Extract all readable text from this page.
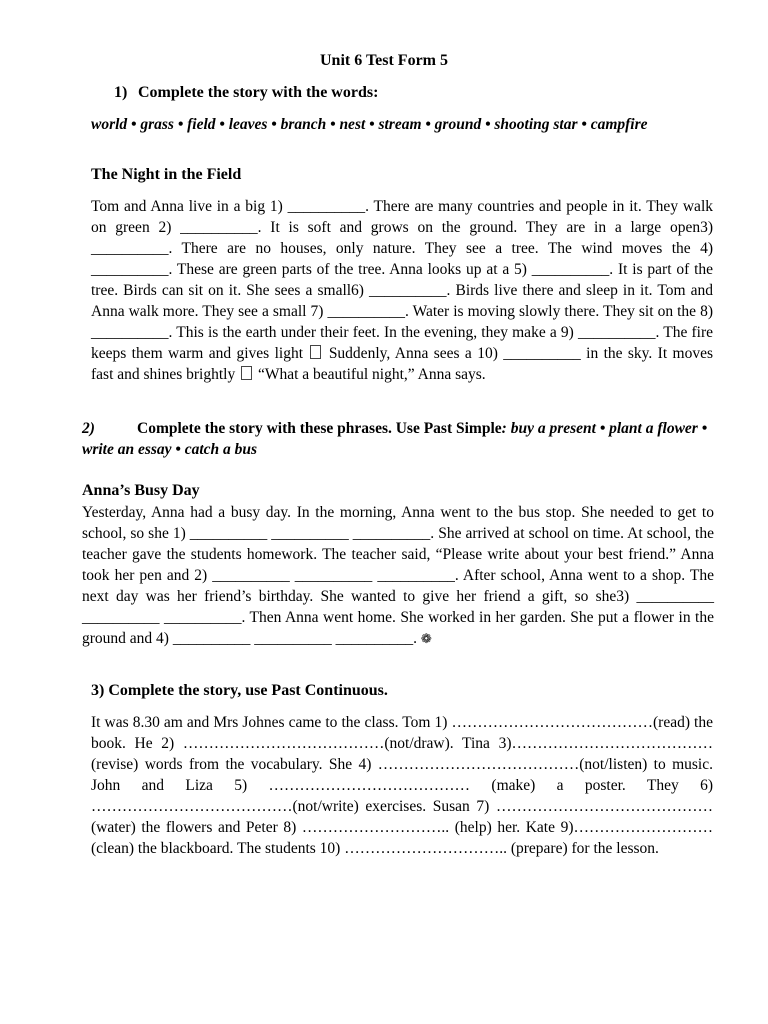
Unit 6 Test Form 5
1) Complete the story with the words:
world • grass • field • leaves • branch • nest • stream • ground • shooting star • campfire
The Night in the Field
Tom and Anna live in a big 1) __________. There are many countries and people in it. They walk on green 2) __________. It is soft and grows on the ground. They are in a large open3) __________. There are no houses, only nature. They see a tree. The wind moves the 4) __________. These are green parts of the tree. Anna looks up at a 5) __________. It is part of the tree. Birds can sit on it. She sees a small6) __________. Birds live there and sleep in it. Tom and Anna walk more. They see a small 7) __________. Water is moving slowly there. They sit on the 8) __________. This is the earth under their feet. In the evening, they make a 9) __________. The fire keeps them warm and gives light Suddenly, Anna sees a 10) __________ in the sky. It moves fast and shines brightly “What a beautiful night,” Anna says.
2)	Complete the story with these phrases. Use Past Simple: buy a present • plant a flower • write an essay • catch a bus
Anna’s Busy Day
Yesterday, Anna had a busy day. In the morning, Anna went to the bus stop. She needed to get to school, so she 1) __________ __________ __________. She arrived at school on time. At school, the teacher gave the students homework. The teacher said, “Please write about your best friend.” Anna took her pen and 2) __________ __________ __________. After school, Anna went to a shop. The next day was her friend’s birthday. She wanted to give her friend a gift, so she3) __________ __________ __________. Then Anna went home. She worked in her garden. She put a flower in the ground and 4) __________ __________ __________. ❁
3) Complete the story, use Past Continuous.
It was 8.30 am and Mrs Johnes came to the class. Tom 1) …………………………………(read) the book. He 2) …………………………………(not/draw). Tina 3)………………………………… (revise) words from the vocabulary. She 4) …………………………………(not/listen) to music. John and Liza 5) ………………………………… (make) a poster. They 6) …………………………………(not/write) exercises. Susan 7) ……………………………………(water) the flowers and Peter 8) ……………………….. (help) her. Kate 9)………………………(clean) the blackboard. The students 10) ………………………….. (prepare) for the lesson.
